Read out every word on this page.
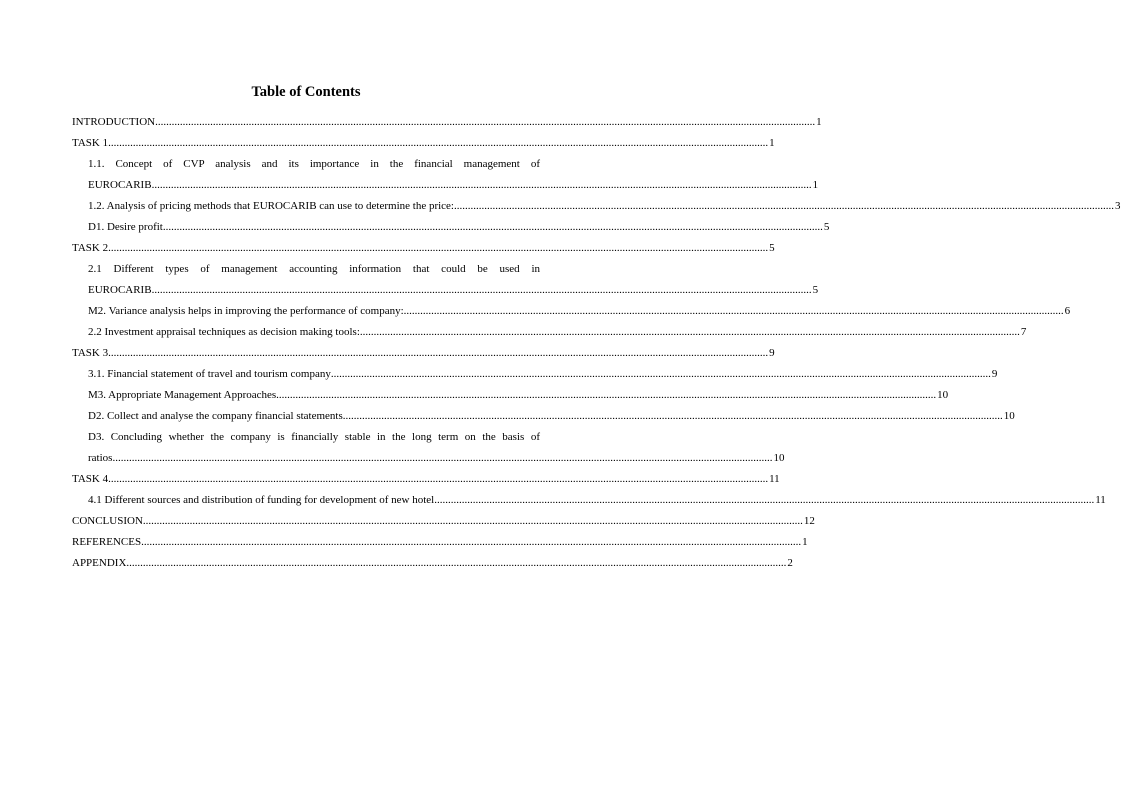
Table of Contents
INTRODUCTION .....	1
TASK 1 .....	1
1.1. Concept of CVP analysis and its importance in the financial management of
EUROCARIB .....	1
1.2. Analysis of pricing methods that EUROCARIB can use to determine the price: .....	3
D1. Desire profit .....	5
TASK 2 .....	5
2.1 Different types of management accounting information that could be used in
EUROCARIB .....	5
M2. Variance analysis helps in improving the performance of company: .....	6
2.2 Investment appraisal techniques as decision making tools: .....	7
TASK 3 .....	9
3.1. Financial statement of travel and tourism company .....	9
M3. Appropriate Management Approaches .....	10
D2. Collect and analyse the company financial statements .....	10
D3. Concluding whether the company is financially stable in the long term on the basis of
ratios .....	10
TASK 4 .....	11
4.1 Different sources and distribution of funding for development of new hotel .....	11
CONCLUSION .....	12
REFERENCES .....	1
APPENDIX .....	2
